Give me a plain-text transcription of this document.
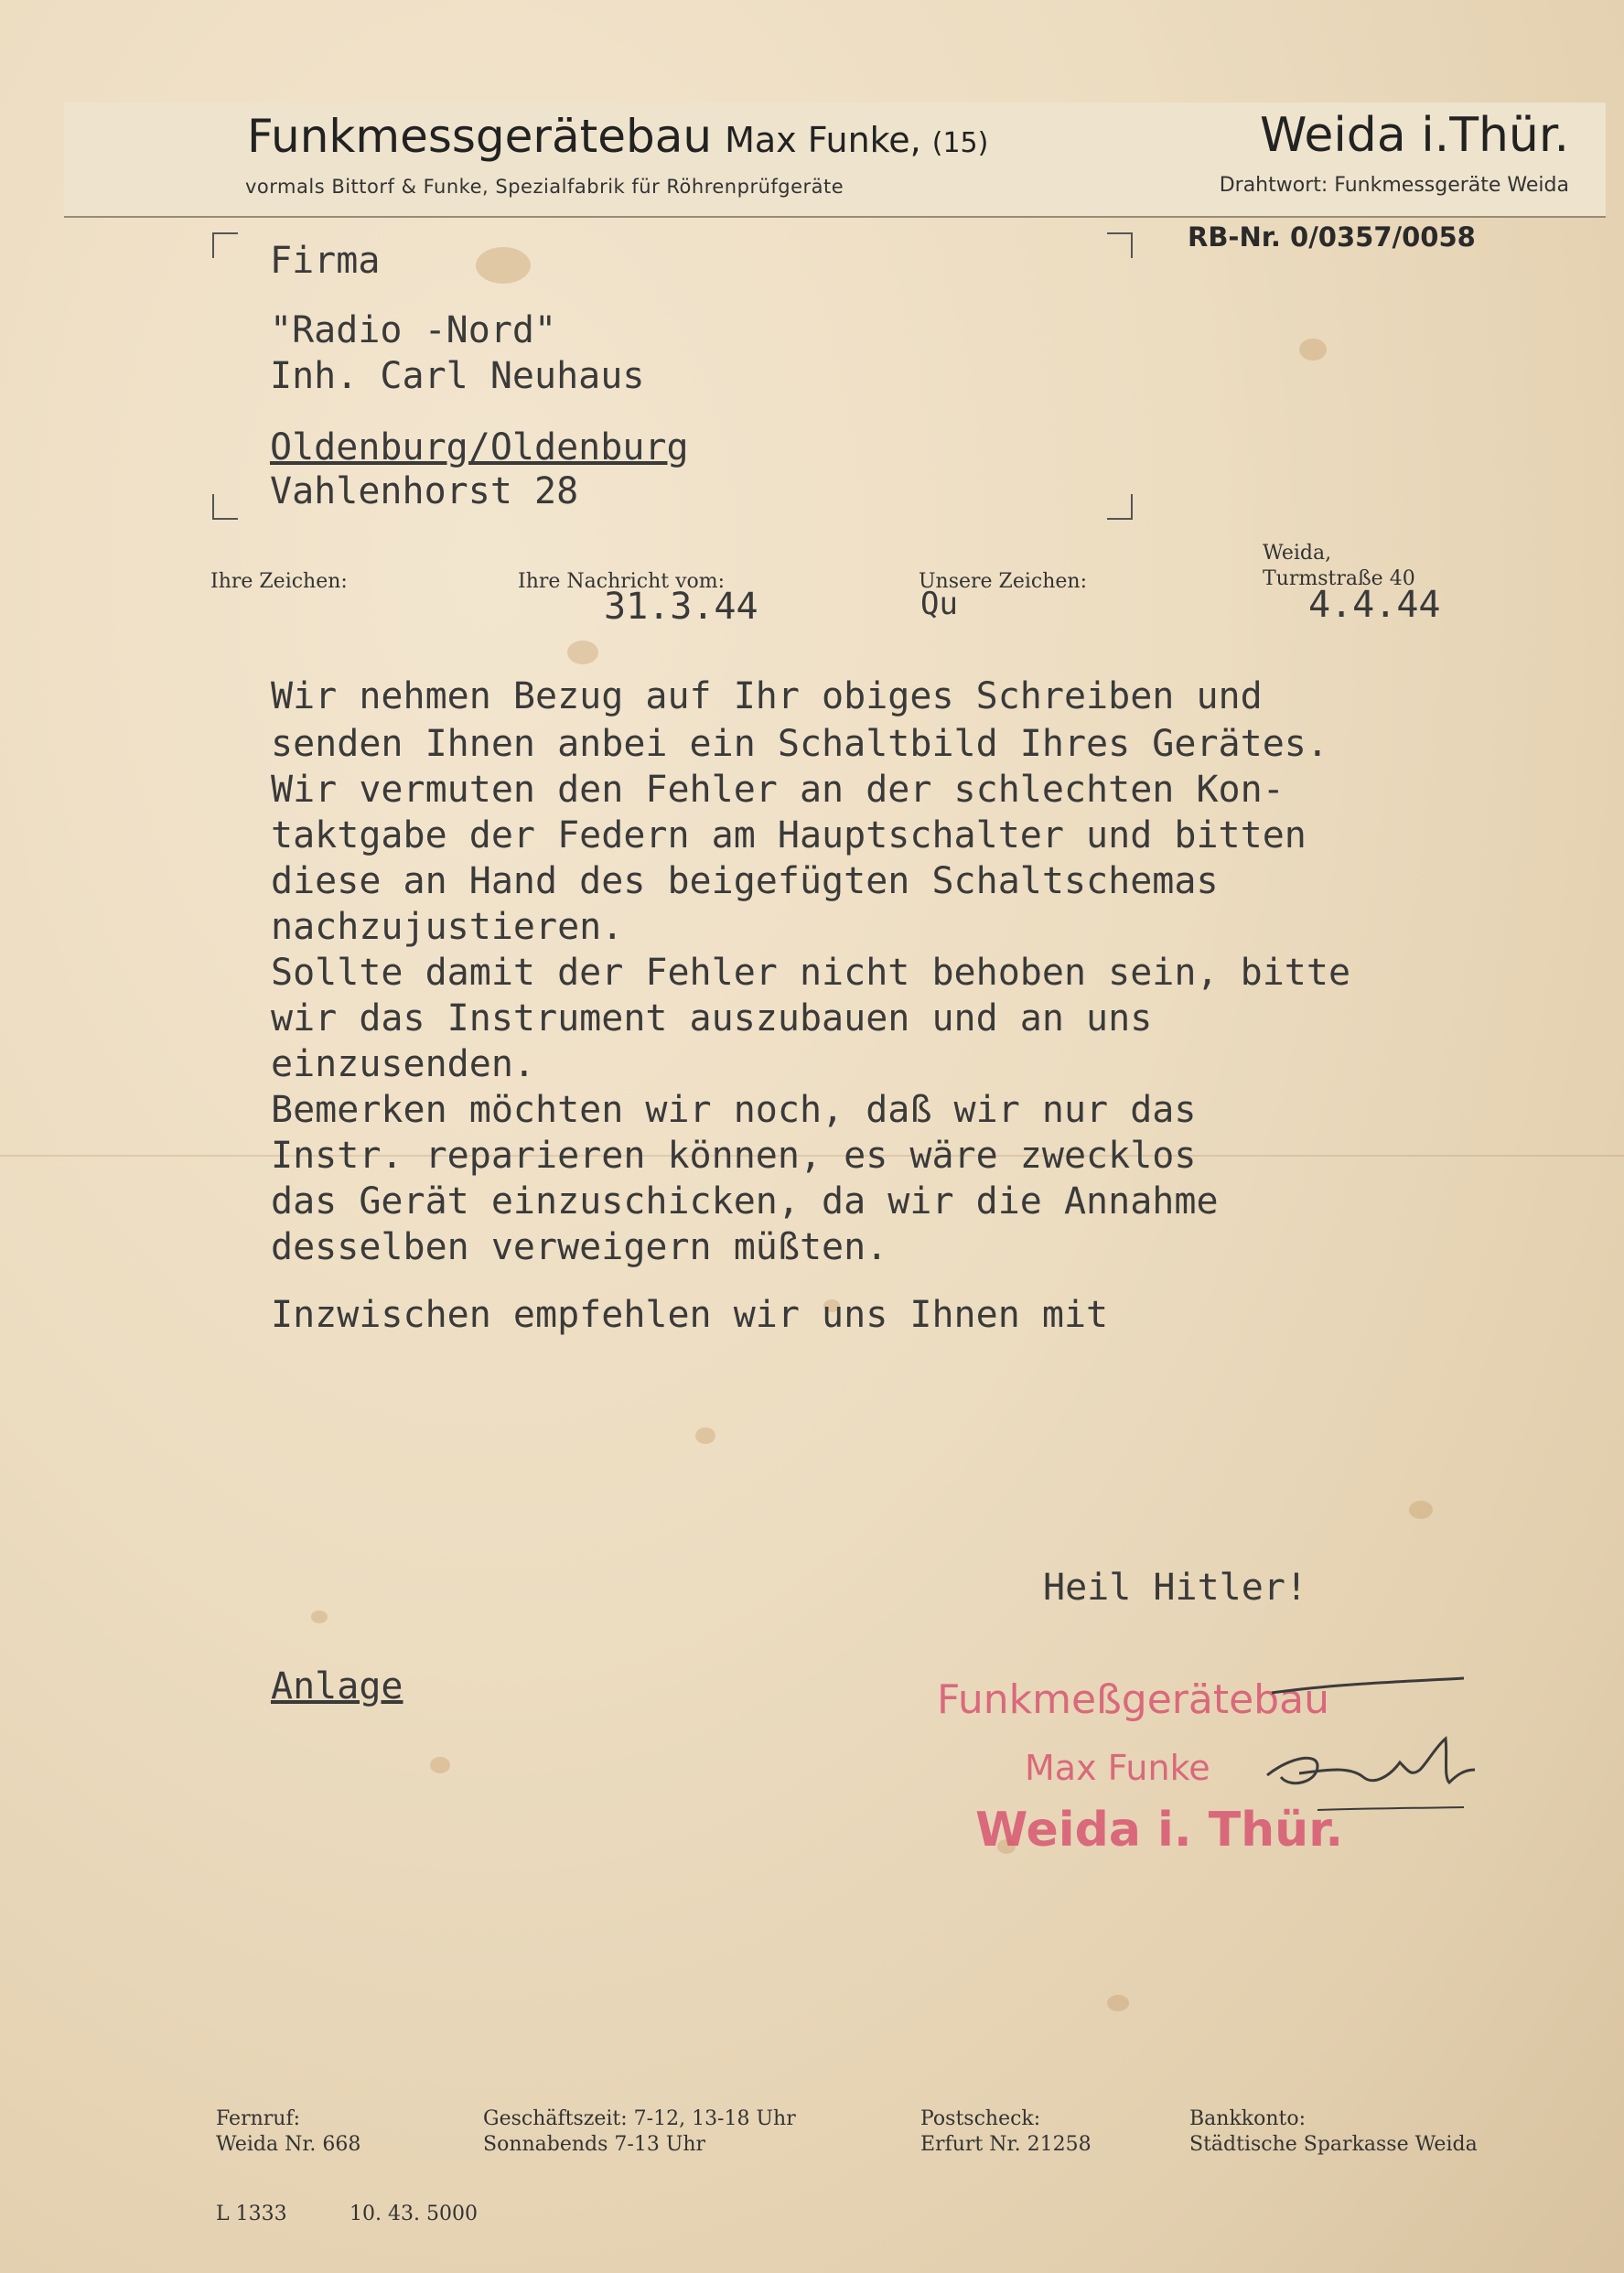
Funkmessgerätebau Max Funke, (15)	Weida i.Thür.
vormals Bittorf & Funke, Spezialfabrik für Röhrenprüfgeräte	Drahtwort: Funkmessgeräte Weida
RB-Nr. 0/0357/0058
Firma
"Radio -Nord"
Inh. Carl Neuhaus
Oldenburg/Oldenburg
Vahlenhorst 28
Ihre Zeichen:	Ihre Nachricht vom:
31.3.44
Unsere Zeichen:
Qu
Weida,
Turmstraße 40
4.4.44
Wir nehmen Bezug auf Ihr obiges Schreiben und
senden Ihnen anbei ein Schaltbild Ihres Gerätes.
Wir vermuten den Fehler an der schlechten Kon-
taktgabe der Federn am Hauptschalter und bitten
diese an Hand des beigefügten Schaltschemas
nachzujustieren.
Sollte damit der Fehler nicht behoben sein, bitte
wir das Instrument auszubauen und an uns
einzusenden.
Bemerken möchten wir noch, daß wir nur das
Instr. reparieren können, es wäre zwecklos
das Gerät einzuschicken, da wir die Annahme
desselben verweigern müßten.
Inzwischen empfehlen wir uns Ihnen mit
Heil Hitler!
Anlage	Funkmeßgerätebau
Max Funke
Weida i. Thür.
Fernruf:
Weida Nr. 668
Geschäftszeit: 7-12, 13-18 Uhr
Sonnabends 7-13 Uhr
Postscheck:
Erfurt Nr. 21258
Bankkonto:
Städtische Sparkasse Weida
L 1333	10. 43. 5000
